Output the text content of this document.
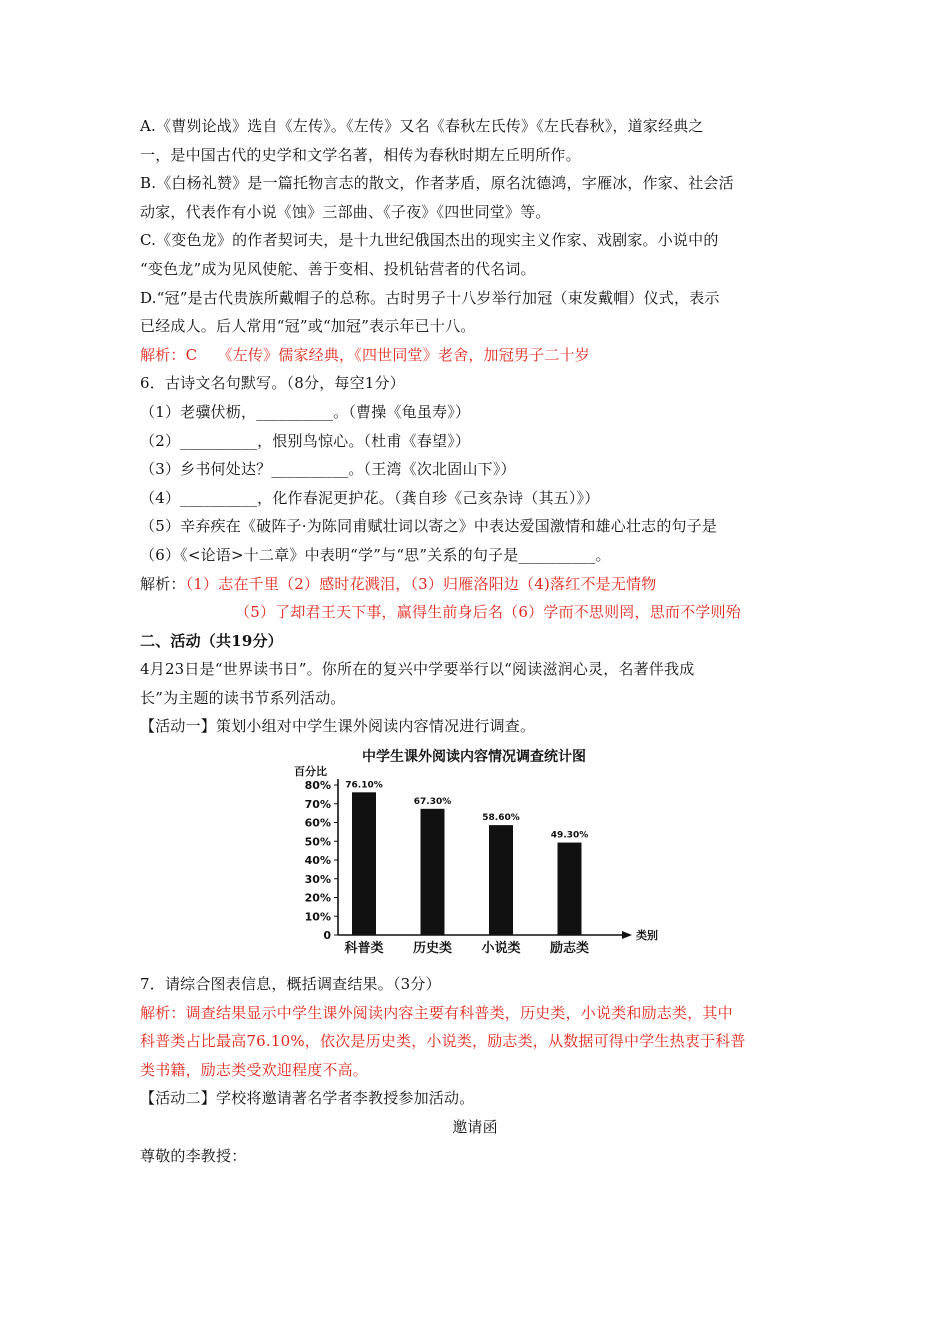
A.《曹刿论战》选自《左传》。《左传》又名《春秋左氏传》《左氏春秋》，道家经典之
一，是中国古代的史学和文学名著，相传为春秋时期左丘明所作。
B.《白杨礼赞》是一篇托物言志的散文，作者茅盾，原名沈德鸿，字雁冰，作家、社会活
动家，代表作有小说《蚀》三部曲、《子夜》《四世同堂》等。
C.《变色龙》的作者契诃夫，是十九世纪俄国杰出的现实主义作家、戏剧家。小说中的
“变色龙”成为见风使舵、善于变相、投机钻营者的代名词。
D.“冠”是古代贵族所戴帽子的总称。古时男子十八岁举行加冠（束发戴帽）仪式，表示
已经成人。后人常用“冠”或“加冠”表示年已十八。
解析：C　 《左传》儒家经典，《四世同堂》老舍，加冠男子二十岁
6．古诗文名句默写。（8分，每空1分）
（1）老骥伏枥，__________。（曹操《龟虽寿》）
（2）__________，恨别鸟惊心。（杜甫《春望》）
（3）乡书何处达？__________。（王湾《次北固山下》）
（4）__________，化作春泥更护花。（龚自珍《己亥杂诗（其五）》）
（5）辛弃疾在《破阵子·为陈同甫赋壮词以寄之》中表达爱国激情和雄心壮志的句子是
（6）《<论语>十二章》中表明“学”与“思”关系的句子是__________。
解析：（1）志在千里（2）感时花溅泪，（3）归雁洛阳边（4)落红不是无情物
（5）了却君王天下事，赢得生前身后名（6）学而不思则罔，思而不学则殆
二、活动（共19分）
4月23日是“世界读书日”。你所在的复兴中学要举行以“阅读滋润心灵，名著伴我成
长”为主题的读书节系列活动。
【活动一】策划小组对中学生课外阅读内容情况进行调查。
中学生课外阅读内容情况调查统计图
百分比
类别
0
10%
20%
30%
40%
50%
60%
70%
80% 76.10%
科普类
67.30%
历史类
58.60%
小说类
49.30%
励志类
7．请综合图表信息，概括调查结果。（3分）
解析：调查结果显示中学生课外阅读内容主要有科普类，历史类，小说类和励志类，其中
科普类占比最高76.10%，依次是历史类，小说类，励志类，从数据可得中学生热衷于科普
类书籍，励志类受欢迎程度不高。
【活动二】学校将邀请著名学者李教授参加活动。
邀请函
尊敬的李教授：
